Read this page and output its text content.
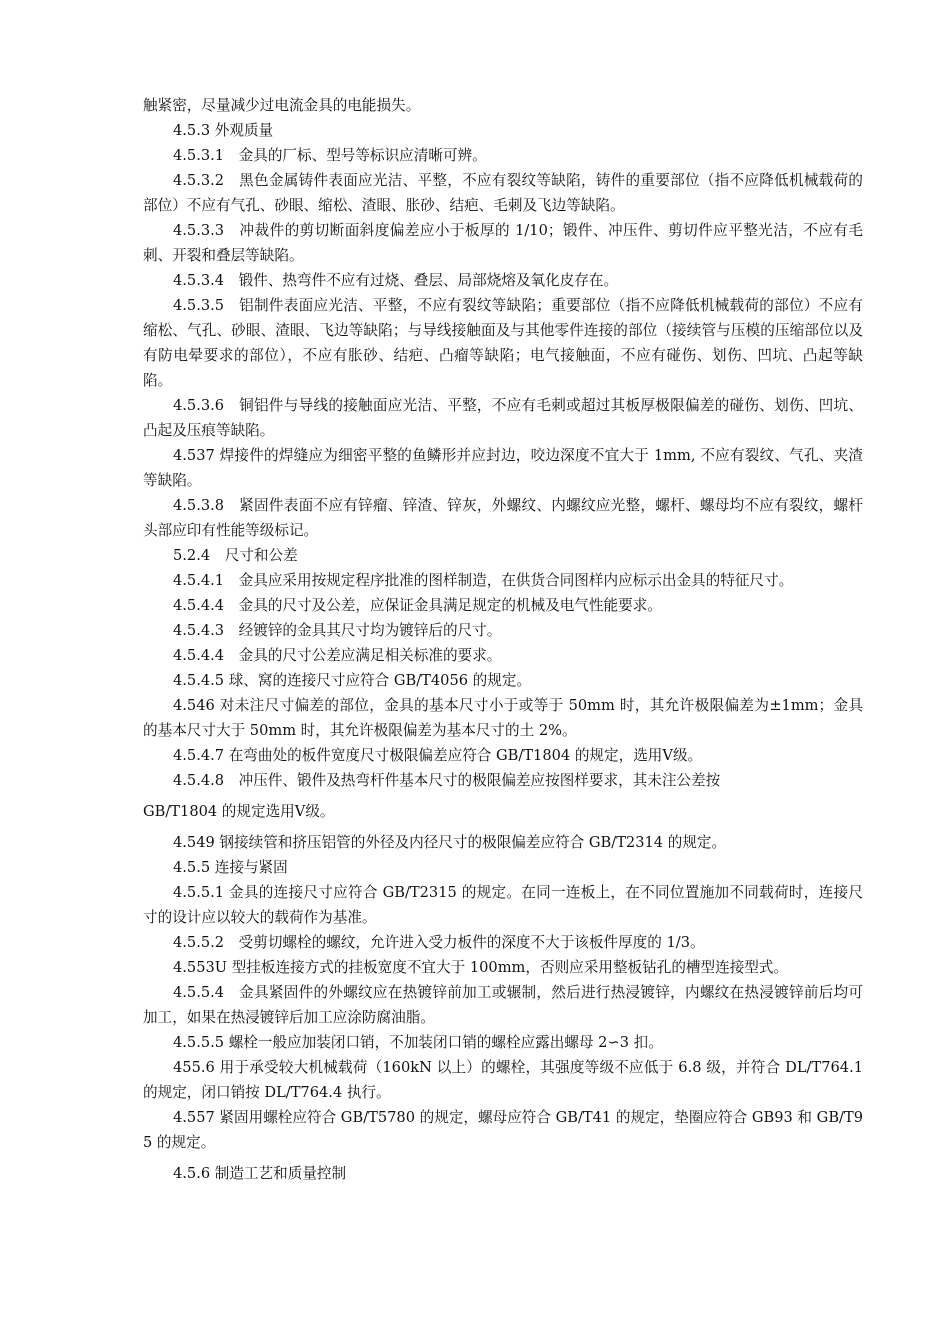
触紧密，尽量减少过电流金具的电能损失。

4.5.3 外观质量

4.5.3.1　金具的厂标、型号等标识应清晰可辨。

4.5.3.2　黑色金属铸件表面应光洁、平整，不应有裂纹等缺陷，铸件的重要部位（指不应降低机械载荷的部位）不应有气孔、砂眼、缩松、渣眼、胀砂、结疤、毛刺及飞边等缺陷。

4.5.3.3　冲裁件的剪切断面斜度偏差应小于板厚的 1/10；锻件、冲压件、剪切件应平整光洁，不应有毛刺、开裂和叠层等缺陷。

4.5.3.4　锻件、热弯件不应有过烧、叠层、局部烧熔及氧化皮存在。

4.5.3.5　铝制件表面应光洁、平整，不应有裂纹等缺陷；重要部位（指不应降低机械载荷的部位）不应有缩松、气孔、砂眼、渣眼、飞边等缺陷；与导线接触面及与其他零件连接的部位（接续管与压模的压缩部位以及有防电晕要求的部位），不应有胀砂、结疤、凸瘤等缺陷；电气接触面，不应有碰伤、划伤、凹坑、凸起等缺陷。

4.5.3.6　铜铝件与导线的接触面应光洁、平整，不应有毛刺或超过其板厚极限偏差的碰伤、划伤、凹坑、凸起及压痕等缺陷。

4.537 焊接件的焊缝应为细密平整的鱼鳞形并应封边，咬边深度不宜大于 1mm, 不应有裂纹、气孔、夹渣等缺陷。

4.5.3.8　紧固件表面不应有锌瘤、锌渣、锌灰，外螺纹、内螺纹应光整，螺杆、螺母均不应有裂纹，螺杆头部应印有性能等级标记。

5.2.4　尺寸和公差

4.5.4.1　金具应采用按规定程序批准的图样制造，在供货合同图样内应标示出金具的特征尺寸。

4.5.4.4　金具的尺寸及公差，应保证金具满足规定的机械及电气性能要求。

4.5.4.3　经镀锌的金具其尺寸均为镀锌后的尺寸。

4.5.4.4　金具的尺寸公差应满足相关标准的要求。

4.5.4.5 球、窝的连接尺寸应符合 GB/T4056 的规定。

4.546 对未注尺寸偏差的部位，金具的基本尺寸小于或等于 50mm 时，其允许极限偏差为±1mm；金具的基本尺寸大于 50mm 时，其允许极限偏差为基本尺寸的土 2%。

4.5.4.7 在弯曲处的板件宽度尺寸极限偏差应符合 GB/T1804 的规定，选用Ⅴ级。

4.5.4.8　冲压件、锻件及热弯杆件基本尺寸的极限偏差应按图样要求，其未注公差按

GB/T1804 的规定选用Ⅴ级。

4.549 钢接续管和挤压铝管的外径及内径尺寸的极限偏差应符合 GB/T2314 的规定。

4.5.5 连接与紧固

4.5.5.1 金具的连接尺寸应符合 GB/T2315 的规定。在同一连板上，在不同位置施加不同载荷时，连接尺寸的设计应以较大的载荷作为基准。

4.5.5.2　受剪切螺栓的螺纹，允许进入受力板件的深度不大于该板件厚度的 1/3。

4.553U 型挂板连接方式的挂板宽度不宜大于 100mm，否则应采用整板钻孔的槽型连接型式。

4.5.5.4　金具紧固件的外螺纹应在热镀锌前加工或辗制，然后进行热浸镀锌，内螺纹在热浸镀锌前后均可加工，如果在热浸镀锌后加工应涂防腐油脂。

4.5.5.5 螺栓一般应加装闭口销，不加装闭口销的螺栓应露出螺母 2∽3 扣。

455.6 用于承受较大机械载荷（160kN 以上）的螺栓，其强度等级不应低于 6.8 级，并符合 DL/T764.1 的规定，闭口销按 DL/T764.4 执行。

4.557 紧固用螺栓应符合 GB/T5780 的规定，螺母应符合 GB/T41 的规定，垫圈应符合 GB93 和 GB/T95 的规定。

4.5.6 制造工艺和质量控制
